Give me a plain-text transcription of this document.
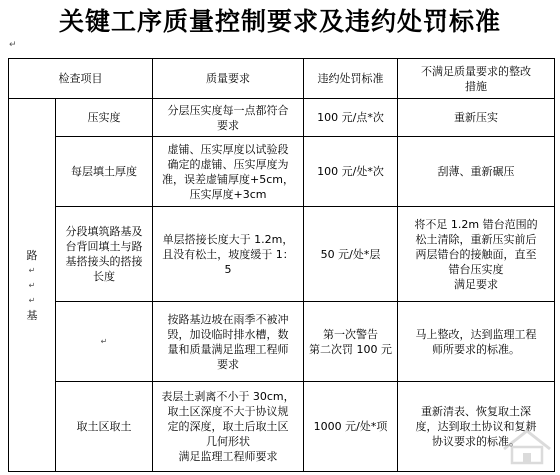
关键工序质量控制要求及违约处罚标准
↵
检查项目		质量要求	违约处罚标准	不满足质量要求的整改
措施

路
↵
↵
↵
基	压实度	分层压实度每一点都符合
要求	100 元/点*次	重新压实

	每层填土厚度	虚铺、压实厚度以试验段
确定的虚铺、压实厚度为
准，误差虚铺厚度+5cm，
压实厚度+3cm	100 元/处*次	刮薄、重新碾压

	分段填筑路基及
台背回填土与路
基搭接头的搭接
长度	单层搭接长度大于 1.2m，
且没有松土，坡度缓于 1：
5	50 元/处*层	将不足 1.2m 错台范围的
松土清除，重新压实前后
两层错台的接触面，直至
错台压实度
满足要求

	↵	按路基边坡在雨季不被冲
毁，加设临时排水槽，数
量和质量满足监理工程师
要求	第一次警告
第二次罚 100 元	马上整改，达到监理工程
师所要求的标准。

	取土区取土	表层土剥离不小于 30cm，
取土区深度不大于协议规
定的深度，取土后取土区
几何形状
满足监理工程师要求	1000 元/处*项	重新清表、恢复取土深
度，达到取土协议和复耕
协议要求的标准。
